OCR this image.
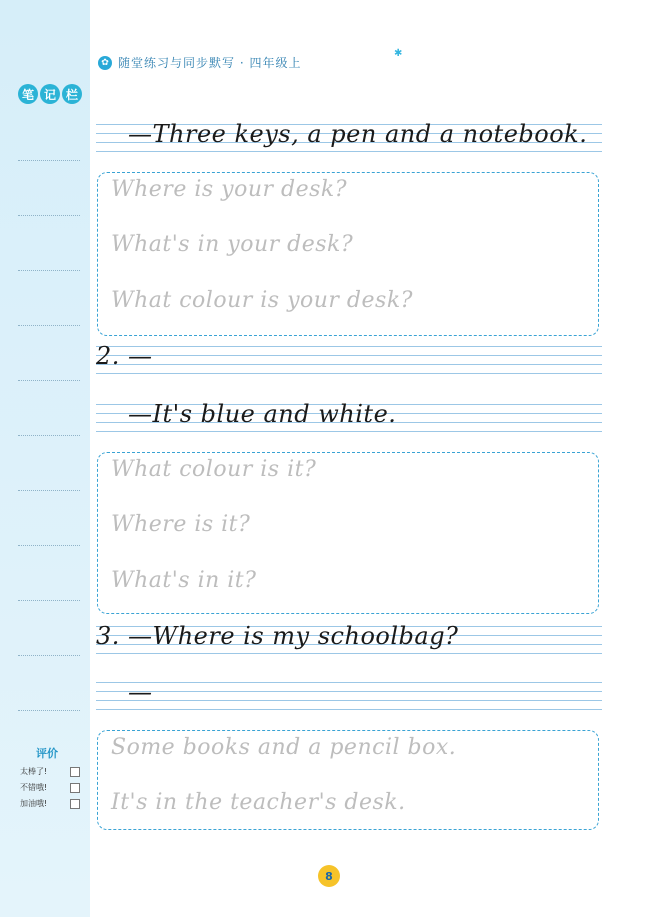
笔 记 栏
评价
太棒了!
不错哦!
加油哦!
✿ 随堂练习与同步默写 · 四年级上
✱
—Three keys, a pen and a notebook.
Where is your desk?
What's in your desk?
What colour is your desk?
2. —
—It's blue and white.
What colour is it?
Where is it?
What's in it?
3. —Where is my schoolbag?
—
Some books and a pencil box.
It's in the teacher's desk.
8
